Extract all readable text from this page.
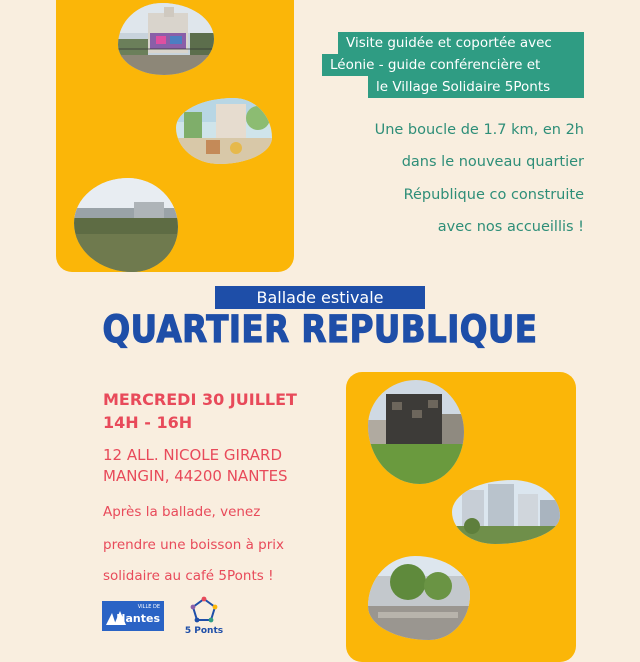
Visite guidée et coportée avec
Léonie - guide conférencière et
le Village Solidaire 5Ponts
Une boucle de 1.7 km, en 2h
dans le nouveau quartier
République co construite
avec nos accueillis !
Ballade estivale
QUARTIER REPUBLIQUE
MERCREDI 30 JUILLET
14H - 16H
12 ALL. NICOLE GIRARD
MANGIN, 44200 NANTES
Après la ballade, venez
prendre une boisson à prix
solidaire au café 5Ponts !
VILLE DE
Nantes
5 Ponts
